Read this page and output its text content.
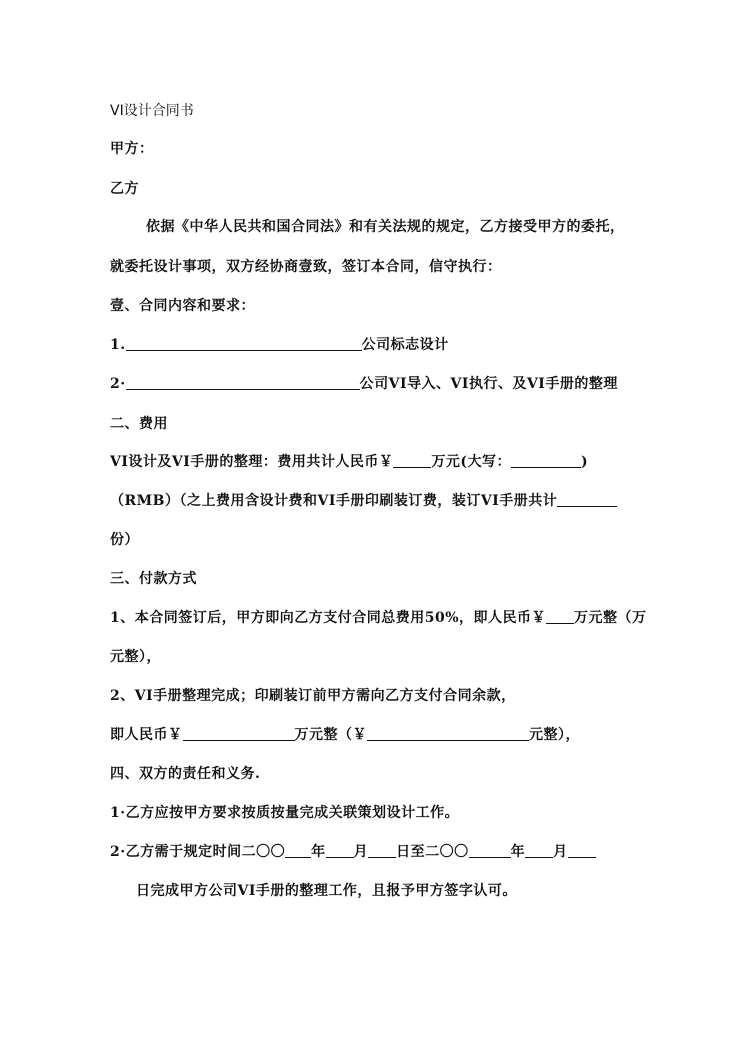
VI设计合同书
甲方：
乙方
依据《中华人民共和国合同法》和有关法规的规定，乙方接受甲方的委托，
就委托设计事项，双方经协商壹致，签订本合同，信守执行：
壹、合同内容和要求：
1.	公司标志设计
2·	公司VI导入、VI执行、及VI手册的整理
二、费用
VI设计及VI手册的整理：费用共计人民币￥	万元(大写：	)
（RMB）（之上费用含设计费和VI手册印刷装订费，装订VI手册共计
份）
三、付款方式
1、本合同签订后，甲方即向乙方支付合同总费用50%，即人民币￥ 万元整（万
元整），
2、VI手册整理完成；印刷装订前甲方需向乙方支付合同余款，
即人民币￥	万元整（￥	元整），
四、双方的责任和义务.
1·乙方应按甲方要求按质按量完成关联策划设计工作。
2·乙方需于规定时间二〇〇 年 月 日至二〇〇	年 月
日完成甲方公司VI手册的整理工作，且报予甲方签字认可。
